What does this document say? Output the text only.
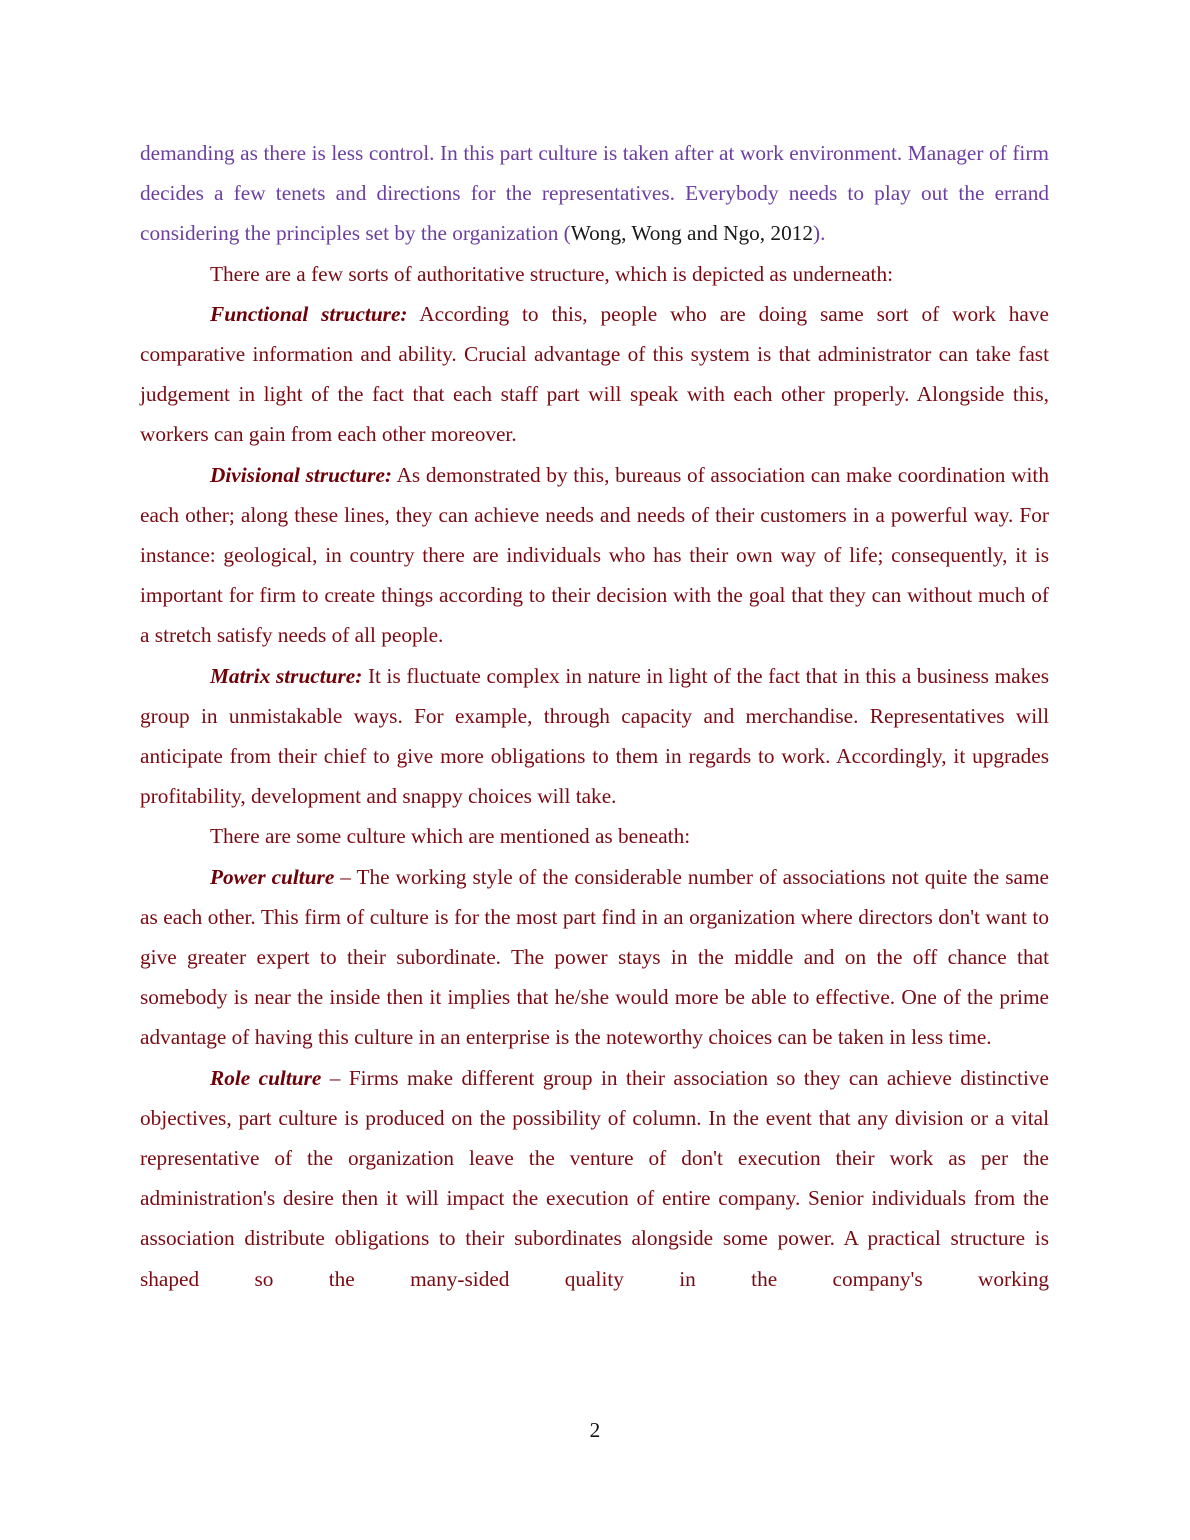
demanding as there is less control. In this part culture is taken after at work environment. Manager of firm decides a few tenets and directions for the representatives. Everybody needs to play out the errand considering the principles set by the organization (Wong, Wong and Ngo, 2012).

There are a few sorts of authoritative structure, which is depicted as underneath:

Functional structure: According to this, people who are doing same sort of work have comparative information and ability. Crucial advantage of this system is that administrator can take fast judgement in light of the fact that each staff part will speak with each other properly. Alongside this, workers can gain from each other moreover.

Divisional structure: As demonstrated by this, bureaus of association can make coordination with each other; along these lines, they can achieve needs and needs of their customers in a powerful way. For instance: geological, in country there are individuals who has their own way of life; consequently, it is important for firm to create things according to their decision with the goal that they can without much of a stretch satisfy needs of all people.

Matrix structure: It is fluctuate complex in nature in light of the fact that in this a business makes group in unmistakable ways. For example, through capacity and merchandise. Representatives will anticipate from their chief to give more obligations to them in regards to work. Accordingly, it upgrades profitability, development and snappy choices will take.

There are some culture which are mentioned as beneath:

Power culture – The working style of the considerable number of associations not quite the same as each other. This firm of culture is for the most part find in an organization where directors don't want to give greater expert to their subordinate. The power stays in the middle and on the off chance that somebody is near the inside then it implies that he/she would more be able to effective. One of the prime advantage of having this culture in an enterprise is the noteworthy choices can be taken in less time.

Role culture – Firms make different group in their association so they can achieve distinctive objectives, part culture is produced on the possibility of column. In the event that any division or a vital representative of the organization leave the venture of don't execution their work as per the administration's desire then it will impact the execution of entire company. Senior individuals from the association distribute obligations to their subordinates alongside some power. A practical structure is shaped so the many-sided quality in the company's working

2
